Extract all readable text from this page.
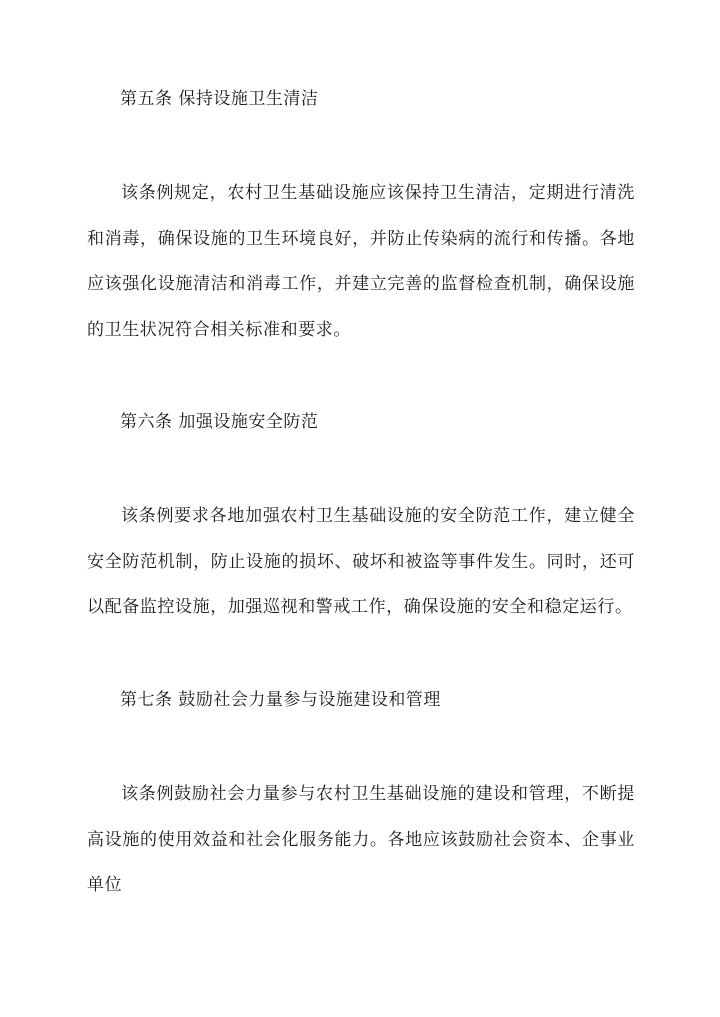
第五条 保持设施卫生清洁

该条例规定，农村卫生基础设施应该保持卫生清洁，定期进行清洗和消毒，确保设施的卫生环境良好，并防止传染病的流行和传播。各地应该强化设施清洁和消毒工作，并建立完善的监督检查机制，确保设施的卫生状况符合相关标准和要求。

第六条 加强设施安全防范

该条例要求各地加强农村卫生基础设施的安全防范工作，建立健全安全防范机制，防止设施的损坏、破坏和被盗等事件发生。同时，还可以配备监控设施，加强巡视和警戒工作，确保设施的安全和稳定运行。

第七条 鼓励社会力量参与设施建设和管理

该条例鼓励社会力量参与农村卫生基础设施的建设和管理，不断提高设施的使用效益和社会化服务能力。各地应该鼓励社会资本、企事业单位
